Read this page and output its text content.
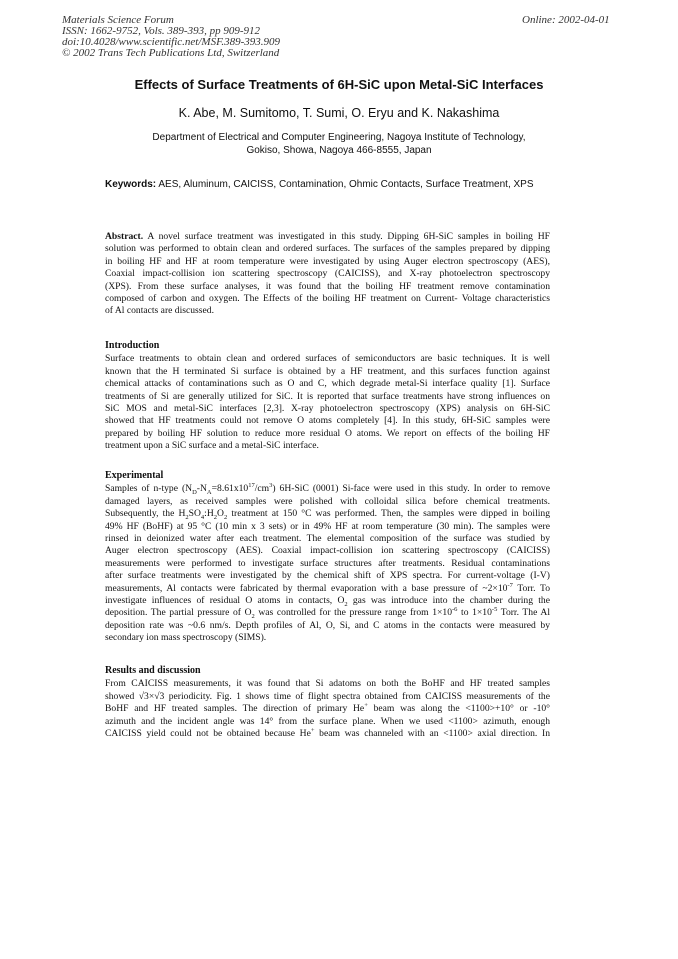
Materials Science Forum
ISSN: 1662-9752, Vols. 389-393, pp 909-912
doi:10.4028/www.scientific.net/MSF.389-393.909
© 2002 Trans Tech Publications Ltd, Switzerland
Online: 2002-04-01
Effects of Surface Treatments of 6H-SiC upon Metal-SiC Interfaces
K. Abe, M. Sumitomo, T. Sumi, O. Eryu and K. Nakashima
Department of Electrical and Computer Engineering, Nagoya Institute of Technology,
Gokiso, Showa, Nagoya 466-8555, Japan
Keywords: AES, Aluminum, CAICISS, Contamination, Ohmic Contacts, Surface Treatment, XPS
Abstract. A novel surface treatment was investigated in this study. Dipping 6H-SiC samples in boiling HF
solution was performed to obtain clean and ordered surfaces. The surfaces of the samples prepared by dipping
in boiling HF and HF at room temperature were investigated by using Auger electron spectroscopy (AES),
Coaxial impact-collision ion scattering spectroscopy (CAICISS), and X-ray photoelectron spectroscopy
(XPS). From these surface analyses, it was found that the boiling HF treatment remove contamination
composed of carbon and oxygen. The Effects of the boiling HF treatment on Current- Voltage characteristics
of Al contacts are discussed.
Introduction
Surface treatments to obtain clean and ordered surfaces of semiconductors are basic techniques. It is well
known that the H terminated Si surface is obtained by a HF treatment, and this surfaces function against
chemical attacks of contaminations such as O and C, which degrade metal-Si interface quality [1]. Surface
treatments of Si are generally utilized for SiC. It is reported that surface treatments have strong influences on
SiC MOS and metal-SiC interfaces [2,3]. X-ray photoelectron spectroscopy (XPS) analysis on 6H-SiC
showed that HF treatments could not remove O atoms completely [4]. In this study, 6H-SiC samples were
prepared by boiling HF solution to reduce more residual O atoms. We report on effects of the boiling HF
treatment upon a SiC surface and a metal-SiC interface.
Experimental
Samples of n-type $(N_D-N_A=8.61x10^{17}/cm^3)$ 6H-SiC (0001) Si-face were used in this study. In order to remove
damaged layers, as received samples were polished with colloidal silica before chemical treatments.
Subsequently, the $H_2SO_4:H_2O_2$ treatment at 150 °C was performed. Then, the samples were dipped in boiling
49% HF (BoHF) at 95 °C (10 min x 3 sets) or in 49% HF at room temperature (30 min). The samples were
rinsed in deionized water after each treatment. The elemental composition of the surface was studied by
Auger electron spectroscopy (AES). Coaxial impact-collision ion scattering spectroscopy (CAICISS)
measurements were performed to investigate surface structures after treatments. Residual contaminations
after surface treatments were investigated by the chemical shift of XPS spectra. For current-voltage (I-V)
measurements, Al contacts were fabricated by thermal evaporation with a base pressure of $\sim 2\times 10^{-7}$ Torr. To
investigate influences of residual O atoms in contacts, $O_2$ gas was introduce into the chamber during the
deposition. The partial pressure of $O_2$ was controlled for the pressure range from $1\times 10^{-6}$ to $1\times 10^{-5}$ Torr. The Al
deposition rate was ~0.6 nm/s. Depth profiles of Al, O, Si, and C atoms in the contacts were measured by
secondary ion mass spectroscopy (SIMS).
Results and discussion
From CAICISS measurements, it was found that Si adatoms on both the BoHF and HF treated samples
showed √3×√3 periodicity. Fig. 1 shows time of flight spectra obtained from CAICISS measurements of the
BoHF and HF treated samples. The direction of primary He+ beam was along the <1100>+10° or -10°
azimuth and the incident angle was 14° from the surface plane. When we used <1100> azimuth, enough
CAICISS yield could not be obtained because He+ beam was channeled with an <1100> axial direction. In
